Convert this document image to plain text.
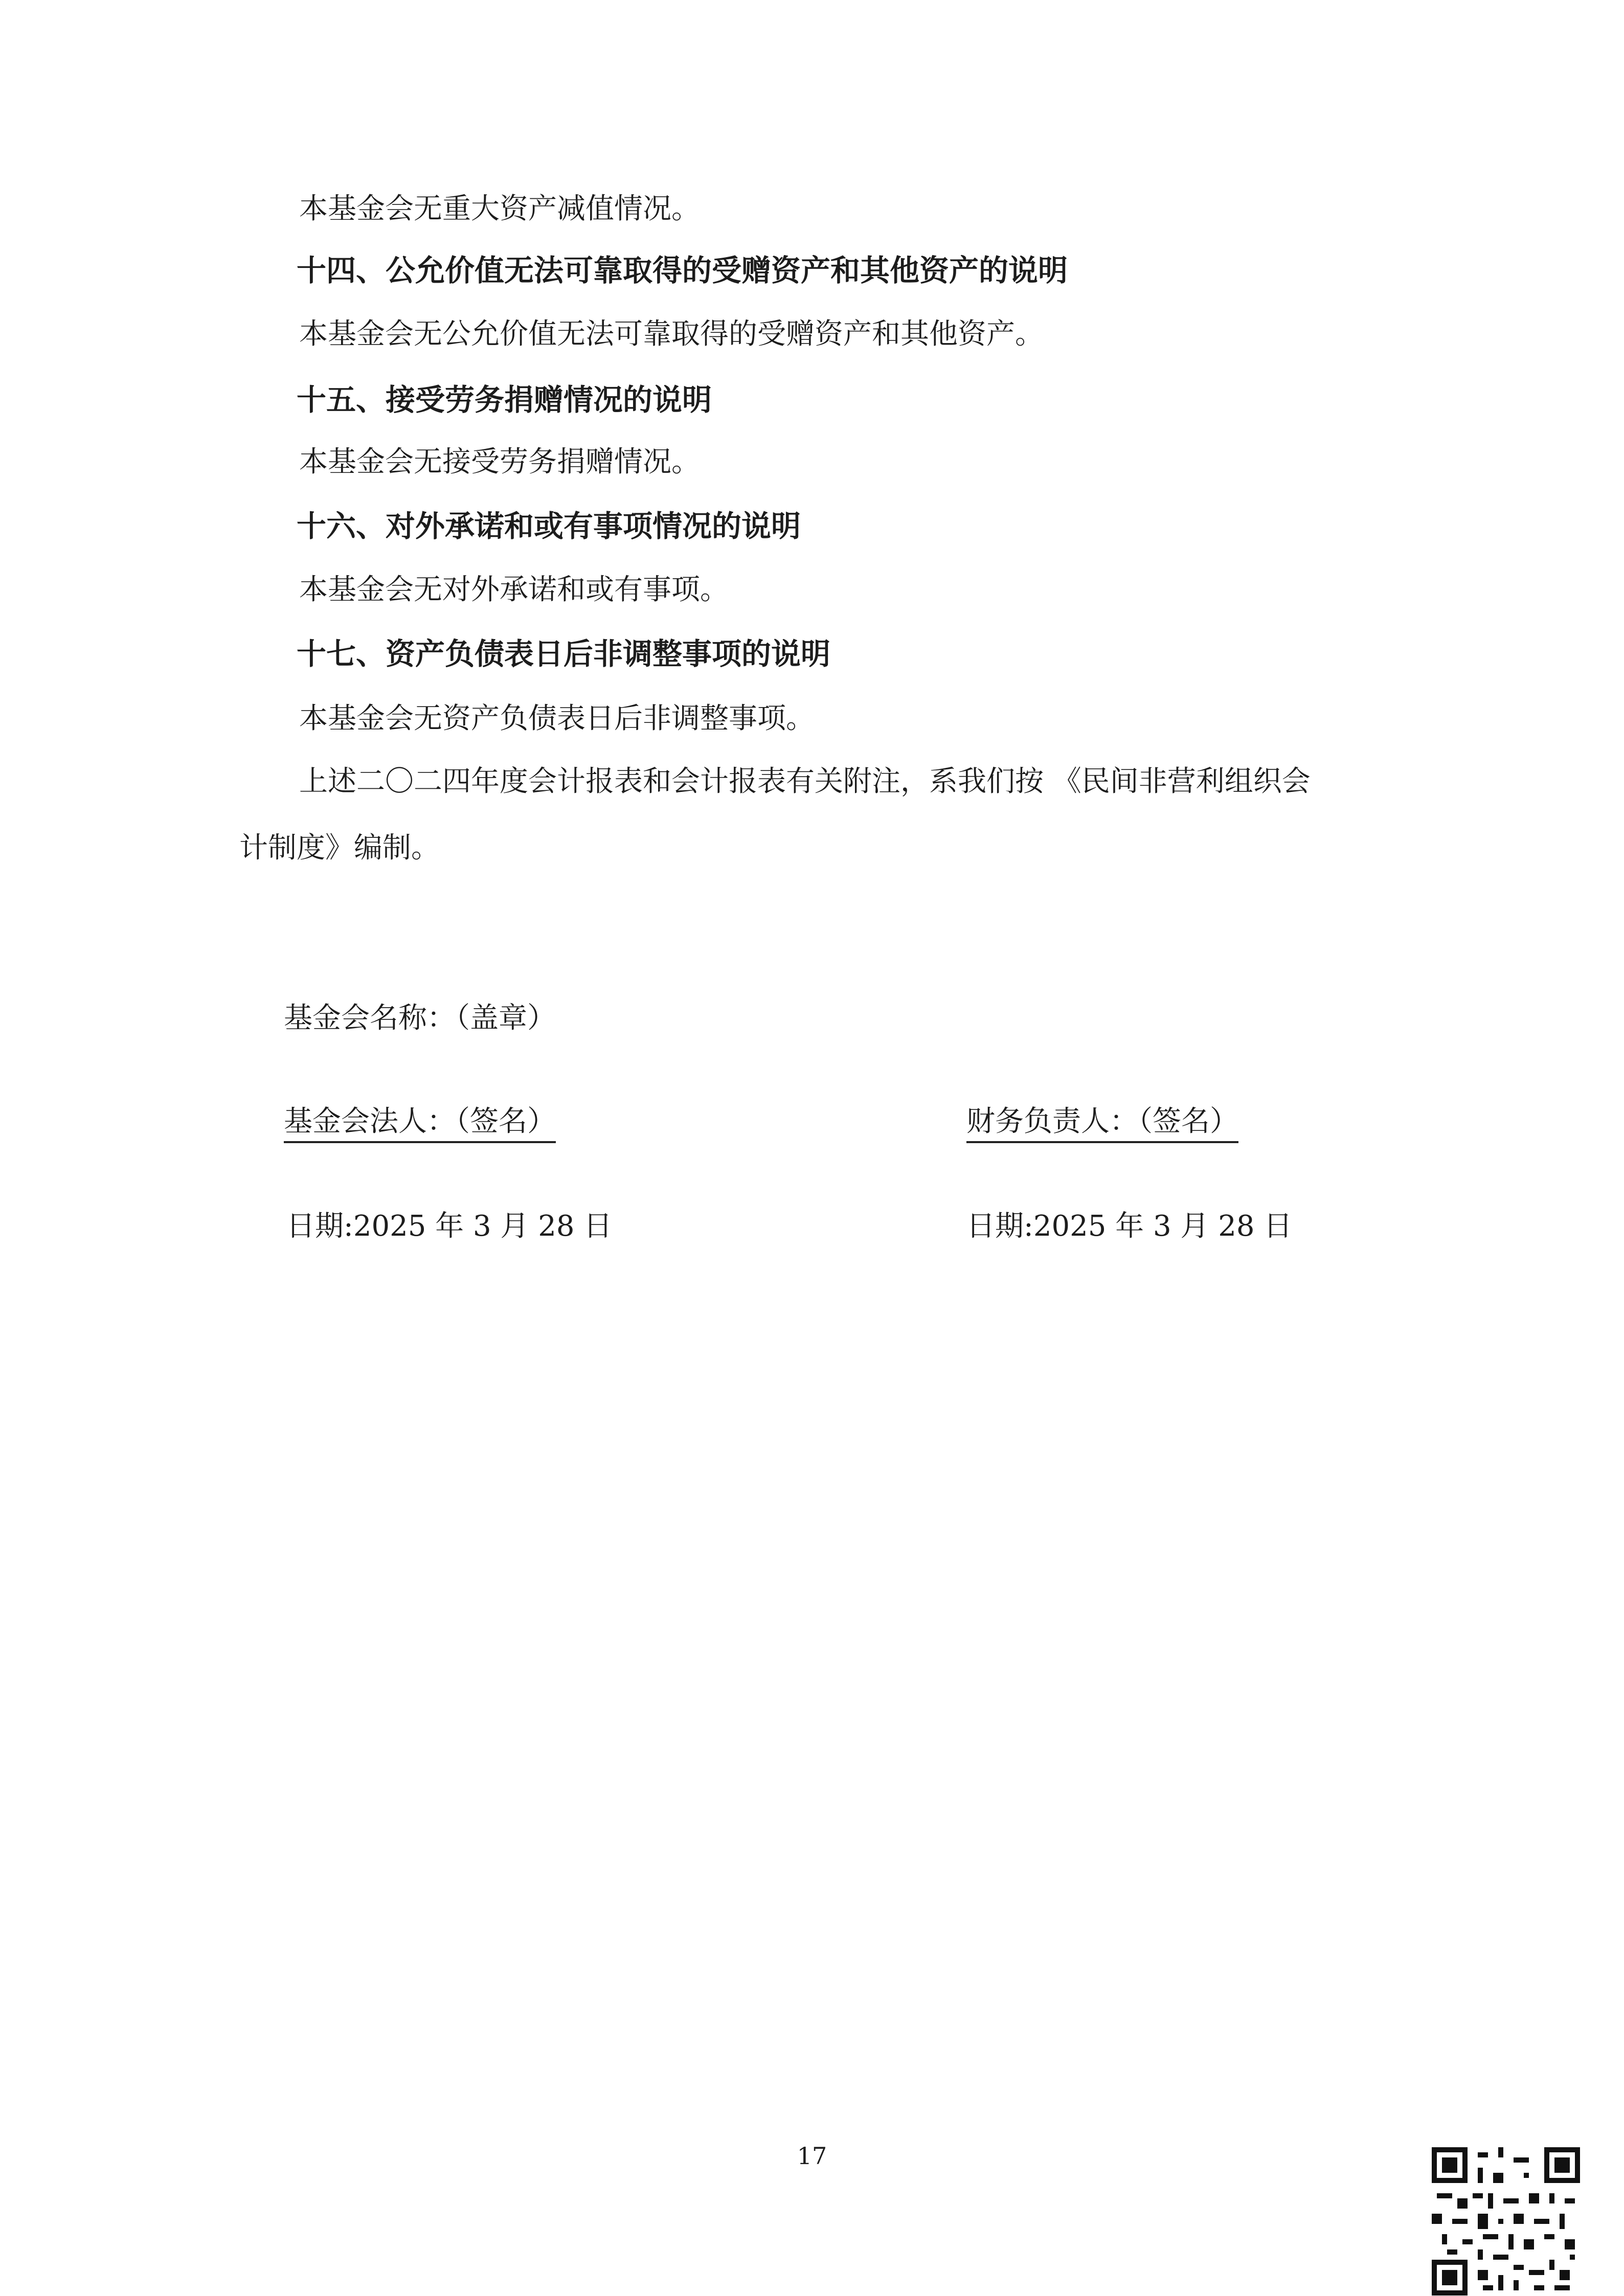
本基金会无重大资产减值情况。
十四、公允价值无法可靠取得的受赠资产和其他资产的说明
本基金会无公允价值无法可靠取得的受赠资产和其他资产。
十五、接受劳务捐赠情况的说明
本基金会无接受劳务捐赠情况。
十六、对外承诺和或有事项情况的说明
本基金会无对外承诺和或有事项。
十七、资产负债表日后非调整事项的说明
本基金会无资产负债表日后非调整事项。
上述二〇二四年度会计报表和会计报表有关附注，系我们按 《民间非营利组织会
计制度》编制。
基金会名称：（盖章）
基金会法人：（签名）	财务负责人：（签名）
日期:2025 年 3 月 28 日	日期:2025 年 3 月 28 日
17
